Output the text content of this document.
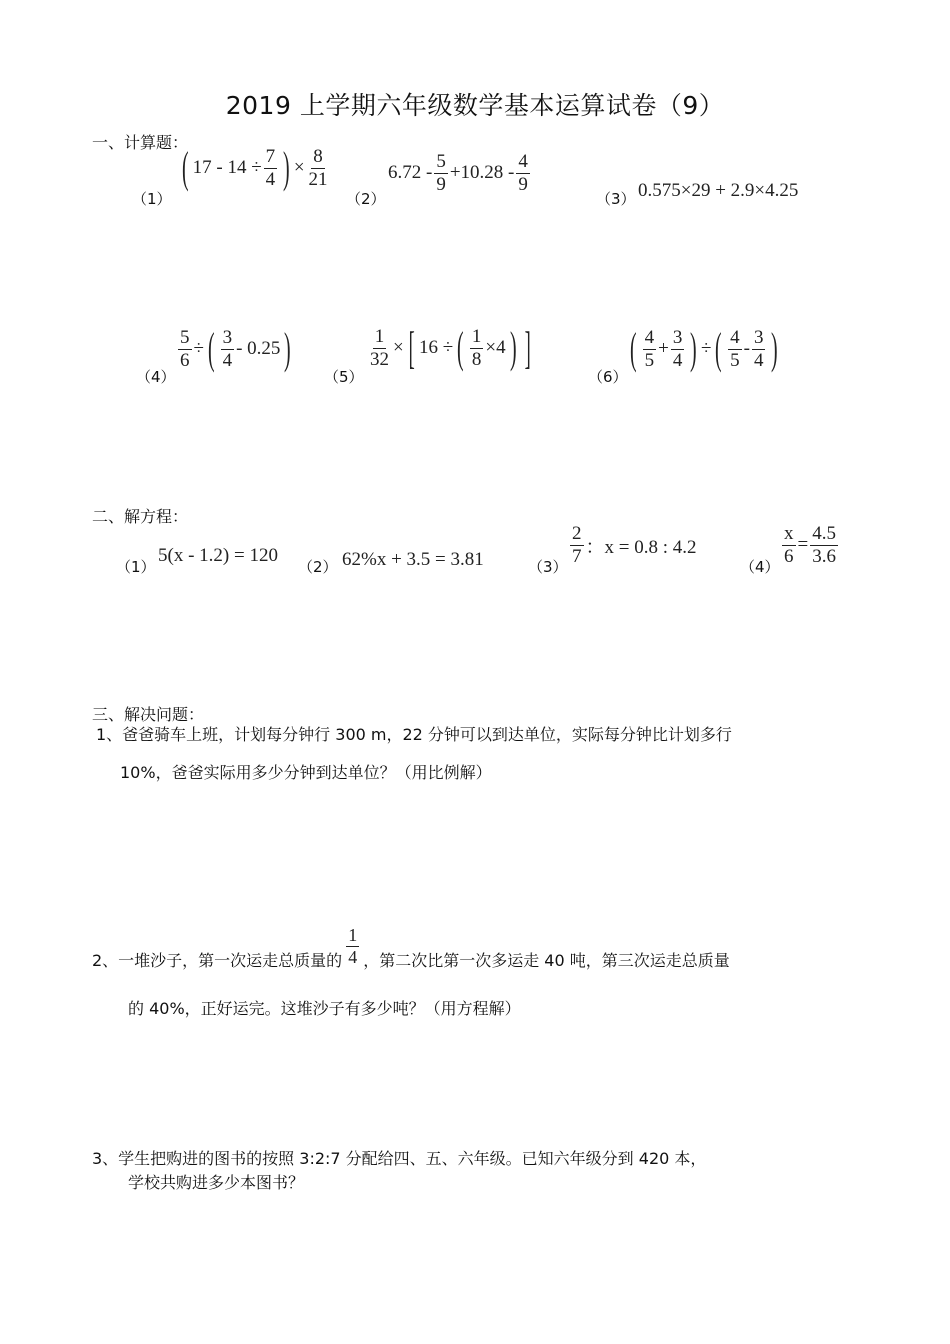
2019 上学期六年级数学基本运算试卷（9）
一、计算题：
（1）
( $17 - 14 \div \frac{7}{4}$ ) × $\frac{8}{21}$
（2）
$6.72 - \frac{5}{9} +10.28 - \frac{4}{9}$
（3） 0.575×29 + 2.9×4.25
（4）
$\frac{5}{6}$ ÷ ( $\frac{3}{4} - 0.25$ )
（5）
$\frac{1}{32}$ × [ 16 ÷ ( $\frac{1}{8} \times 4$ ) ]
（6）
( $\frac{4}{5} + \frac{3}{4}$ ) ÷ ( $\frac{4}{5} - \frac{3}{4}$ )
二、解方程：
（1）
5(x - 1.2) = 120
（2） 62%x + 3.5 = 3.81	（3）
$\frac{2}{7}$ ：x = 0.8 : 4.2
（4）
$\frac{x}{6} = \frac{4.5}{3.6}$
三、解决问题：
1、爸爸骑车上班，计划每分钟行 300 m，22 分钟可以到达单位，实际每分钟比计划多行
10%，爸爸实际用多少分钟到达单位？（用比例解）
2、一堆沙子，第一次运走总质量的 $\frac{1}{4}$ ，第二次比第一次多运走 40 吨，第三次运走总质量
的 40%，正好运完。这堆沙子有多少吨？（用方程解）
3、学生把购进的图书的按照 3:2:7 分配给四、五、六年级。已知六年级分到 420 本，
学校共购进多少本图书？
